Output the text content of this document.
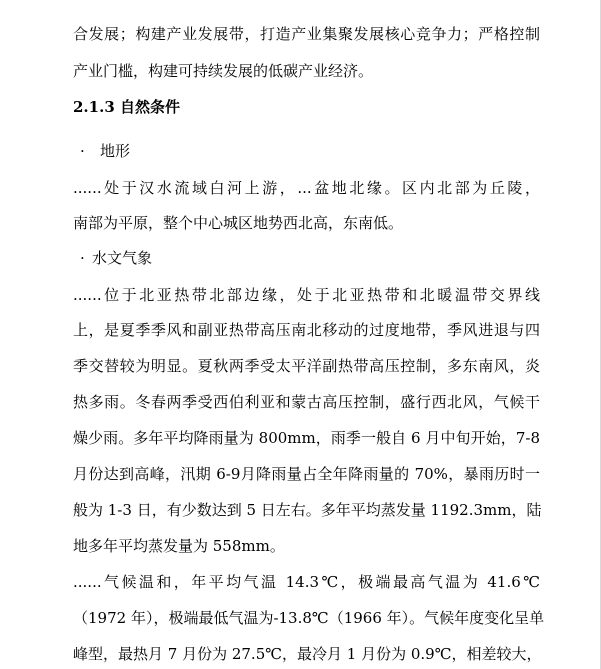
合发展；构建产业发展带，打造产业集聚发展核心竞争力；严格控制
产业门槛，构建可持续发展的低碳产业经济。
2.1.3 自然条件
· 地形
......处于汉水流域白河上游，...盆地北缘。区内北部为丘陵，
南部为平原，整个中心城区地势西北高，东南低。
· 水文气象
......位于北亚热带北部边缘，处于北亚热带和北暖温带交界线
上，是夏季季风和副亚热带高压南北移动的过度地带，季风进退与四
季交替较为明显。夏秋两季受太平洋副热带高压控制，多东南风，炎
热多雨。冬春两季受西伯利亚和蒙古高压控制，盛行西北风，气候干
燥少雨。多年平均降雨量为 800mm，雨季一般自 6 月中旬开始，7-8
月份达到高峰，汛期 6-9月降雨量占全年降雨量的 70%，暴雨历时一
般为 1-3 日，有少数达到 5 日左右。多年平均蒸发量 1192.3mm，陆
地多年平均蒸发量为 558mm。
......气候温和，年平均气温 14.3℃，极端最高气温为 41.6℃
（1972 年），极端最低气温为-13.8℃（1966 年）。气候年度变化呈单
峰型，最热月 7 月份为 27.5℃，最冷月 1 月份为 0.9℃，相差较大，
